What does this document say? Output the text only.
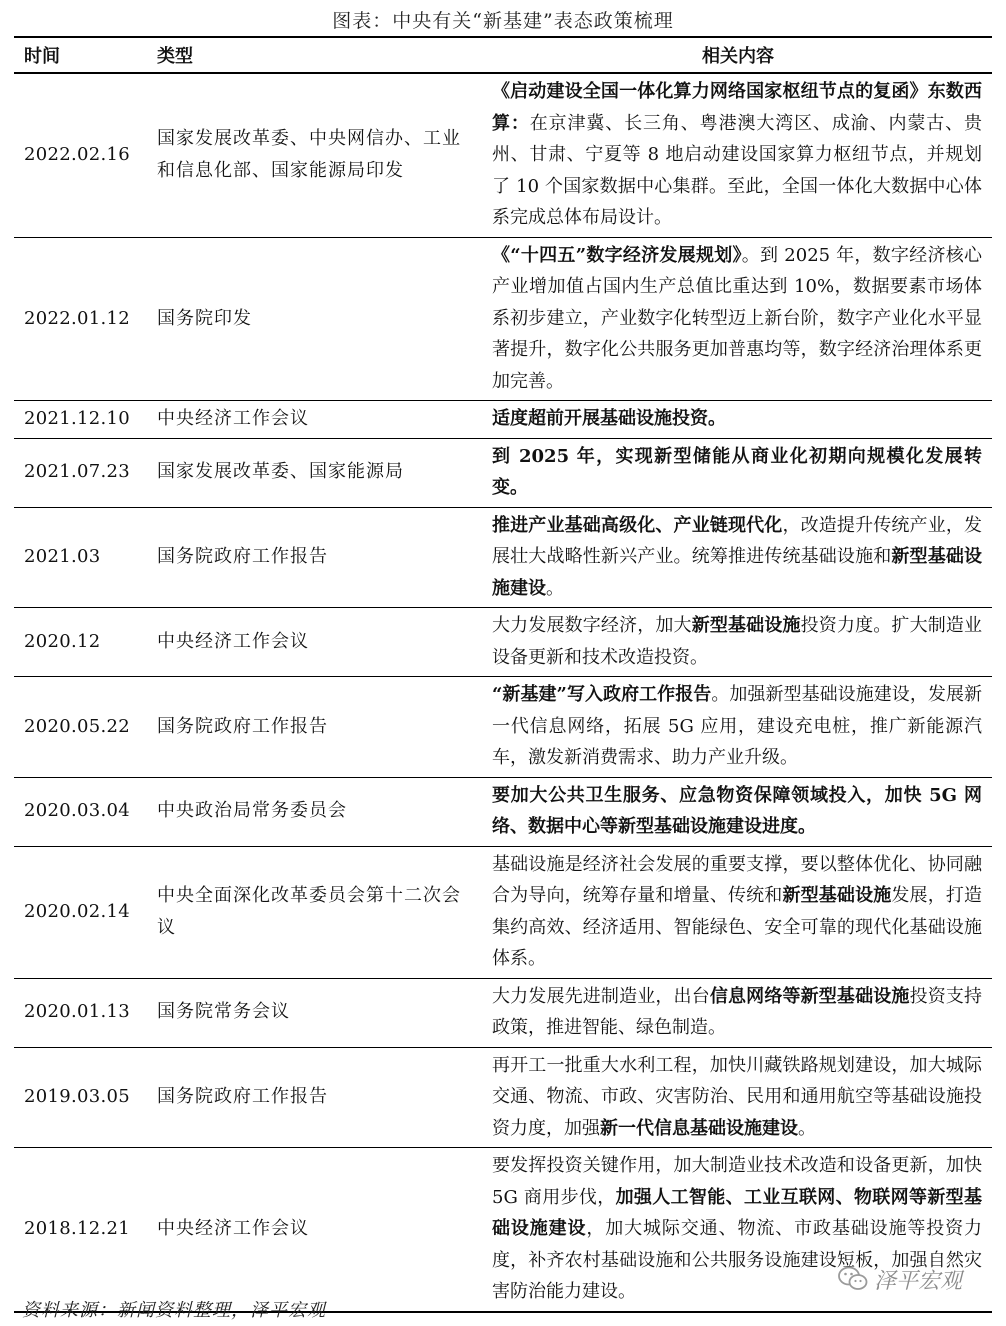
图表：中央有关“新基建”表态政策梳理
时间	类型	相关内容
2022.02.16	国家发展改革委、中央网信办、工业和信息化部、国家能源局印发	《启动建设全国一体化算力网络国家枢纽节点的复函》东数西算：在京津冀、长三角、粤港澳大湾区、成渝、内蒙古、贵州、甘肃、宁夏等 8 地启动建设国家算力枢纽节点，并规划了 10 个国家数据中心集群。至此，全国一体化大数据中心体系完成总体布局设计。
2022.01.12	国务院印发	《“十四五”数字经济发展规划》。到 2025 年，数字经济核心产业增加值占国内生产总值比重达到 10%，数据要素市场体系初步建立，产业数字化转型迈上新台阶，数字产业化水平显著提升，数字化公共服务更加普惠均等，数字经济治理体系更加完善。
2021.12.10	中央经济工作会议	适度超前开展基础设施投资。
2021.07.23	国家发展改革委、国家能源局	到 2025 年，实现新型储能从商业化初期向规模化发展转变。
2021.03	国务院政府工作报告	推进产业基础高级化、产业链现代化，改造提升传统产业，发展壮大战略性新兴产业。统筹推进传统基础设施和新型基础设施建设。
2020.12	中央经济工作会议	大力发展数字经济，加大新型基础设施投资力度。扩大制造业设备更新和技术改造投资。
2020.05.22	国务院政府工作报告	“新基建”写入政府工作报告。加强新型基础设施建设，发展新一代信息网络，拓展 5G 应用，建设充电桩，推广新能源汽车，激发新消费需求、助力产业升级。
2020.03.04	中央政治局常务委员会	要加大公共卫生服务、应急物资保障领域投入，加快 5G 网络、数据中心等新型基础设施建设进度。
2020.02.14	中央全面深化改革委员会第十二次会议	基础设施是经济社会发展的重要支撑，要以整体优化、协同融合为导向，统筹存量和增量、传统和新型基础设施发展，打造集约高效、经济适用、智能绿色、安全可靠的现代化基础设施体系。
2020.01.13	国务院常务会议	大力发展先进制造业，出台信息网络等新型基础设施投资支持政策，推进智能、绿色制造。
2019.03.05	国务院政府工作报告	再开工一批重大水利工程，加快川藏铁路规划建设，加大城际交通、物流、市政、灾害防治、民用和通用航空等基础设施投资力度，加强新一代信息基础设施建设。
2018.12.21	中央经济工作会议	要发挥投资关键作用，加大制造业技术改造和设备更新，加快 5G 商用步伐，加强人工智能、工业互联网、物联网等新型基础设施建设，加大城际交通、物流、市政基础设施等投资力度，补齐农村基础设施和公共服务设施建设短板，加强自然灾害防治能力建设。
资料来源：新闻资料整理，泽平宏观
泽平宏观
